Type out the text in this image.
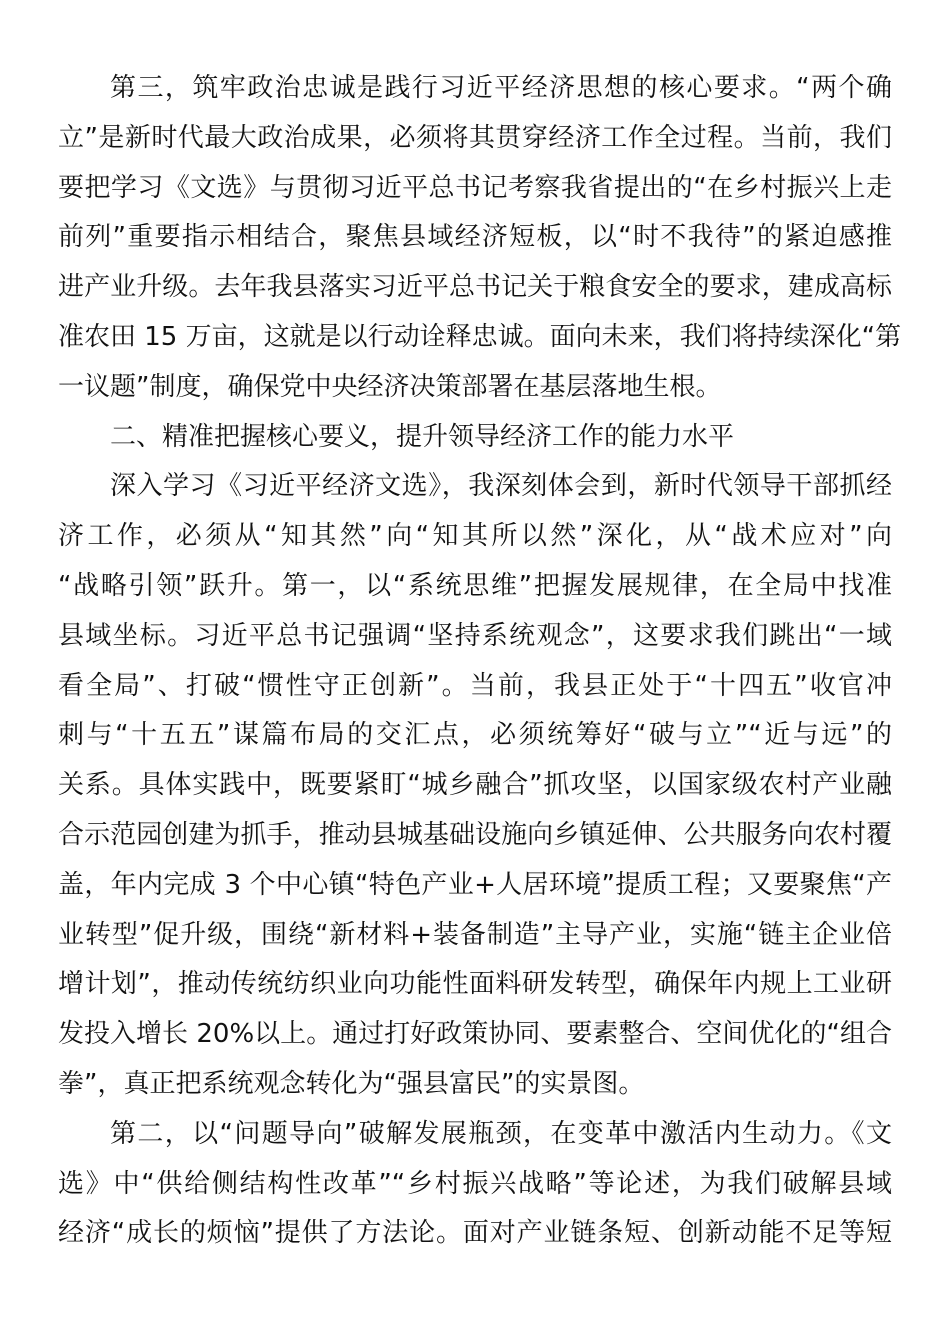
第三，筑牢政治忠诚是践行习近平经济思想的核心要求。“两个确
立”是新时代最大政治成果，必须将其贯穿经济工作全过程。当前，我们
要把学习《文选》与贯彻习近平总书记考察我省提出的“在乡村振兴上走
前列”重要指示相结合，聚焦县域经济短板，以“时不我待”的紧迫感推
进产业升级。去年我县落实习近平总书记关于粮食安全的要求，建成高标
准农田 15 万亩，这就是以行动诠释忠诚。面向未来，我们将持续深化“第
一议题”制度，确保党中央经济决策部署在基层落地生根。
二、精准把握核心要义，提升领导经济工作的能力水平
深入学习《习近平经济文选》，我深刻体会到，新时代领导干部抓经
济工作，必须从“知其然”向“知其所以然”深化，从“战术应对”向
“战略引领”跃升。第一，以“系统思维”把握发展规律，在全局中找准
县域坐标。习近平总书记强调“坚持系统观念”，这要求我们跳出“一域
看全局”、打破“惯性守正创新”。当前，我县正处于“十四五”收官冲
刺与“十五五”谋篇布局的交汇点，必须统筹好“破与立”“近与远”的
关系。具体实践中，既要紧盯“城乡融合”抓攻坚，以国家级农村产业融
合示范园创建为抓手，推动县城基础设施向乡镇延伸、公共服务向农村覆
盖，年内完成 3 个中心镇“特色产业+人居环境”提质工程；又要聚焦“产
业转型”促升级，围绕“新材料+装备制造”主导产业，实施“链主企业倍
增计划”，推动传统纺织业向功能性面料研发转型，确保年内规上工业研
发投入增长 20%以上。通过打好政策协同、要素整合、空间优化的“组合
拳”，真正把系统观念转化为“强县富民”的实景图。
第二，以“问题导向”破解发展瓶颈，在变革中激活内生动力。《文
选》中“供给侧结构性改革”“乡村振兴战略”等论述，为我们破解县域
经济“成长的烦恼”提供了方法论。面对产业链条短、创新动能不足等短
